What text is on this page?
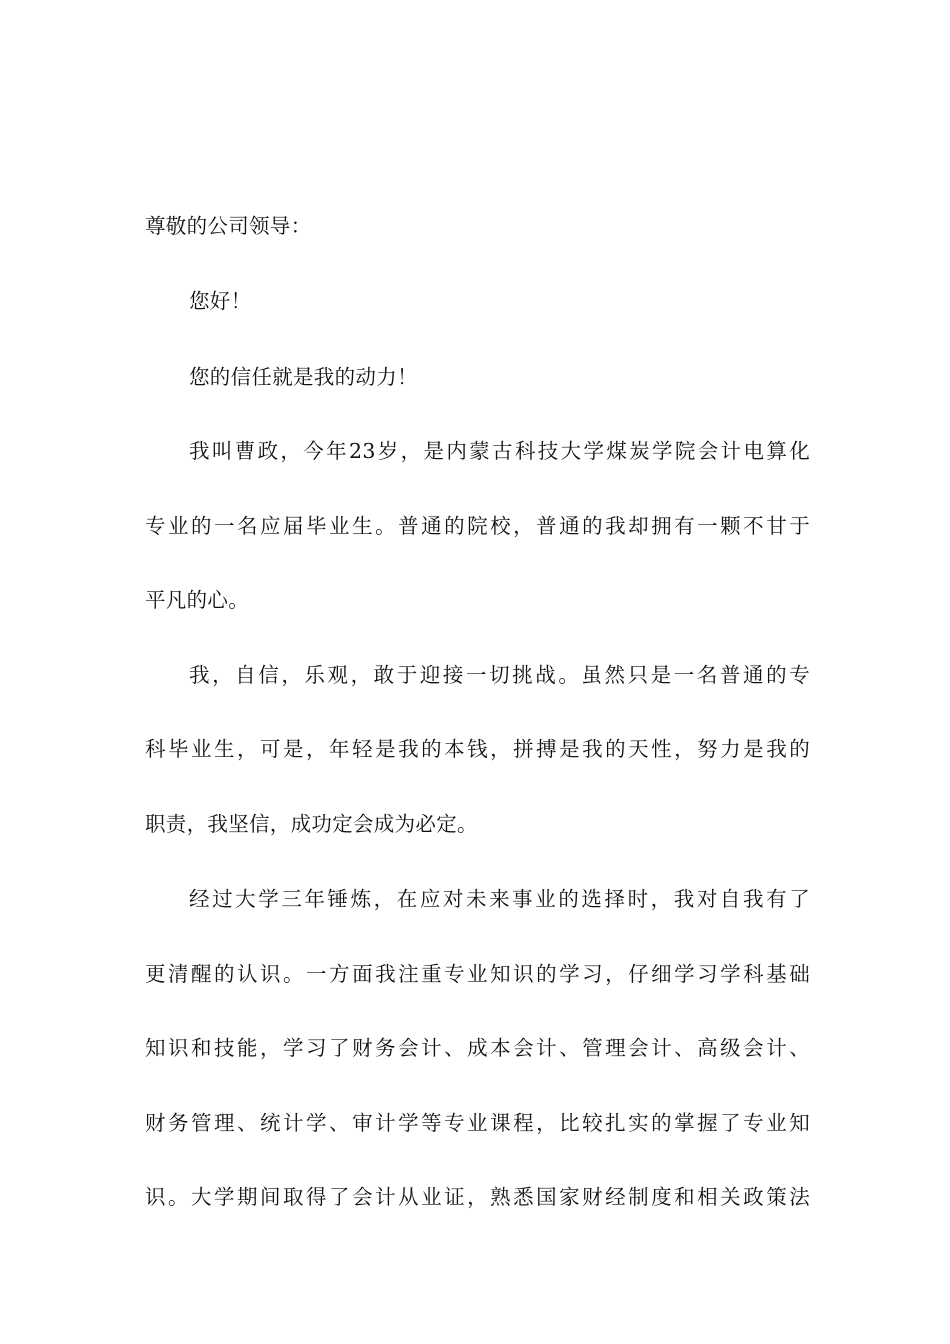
尊敬的公司领导：
您好！
您的信任就是我的动力！
我叫曹政，今年23岁，是内蒙古科技大学煤炭学院会计电算化
专业的一名应届毕业生。普通的院校，普通的我却拥有一颗不甘于
平凡的心。
我，自信，乐观，敢于迎接一切挑战。虽然只是一名普通的专
科毕业生，可是，年轻是我的本钱，拼搏是我的天性，努力是我的
职责，我坚信，成功定会成为必定。
经过大学三年锤炼，在应对未来事业的选择时，我对自我有了
更清醒的认识。一方面我注重专业知识的学习，仔细学习学科基础
知识和技能，学习了财务会计、成本会计、管理会计、高级会计、
财务管理、统计学、审计学等专业课程，比较扎实的掌握了专业知
识。大学期间取得了会计从业证，熟悉国家财经制度和相关政策法
